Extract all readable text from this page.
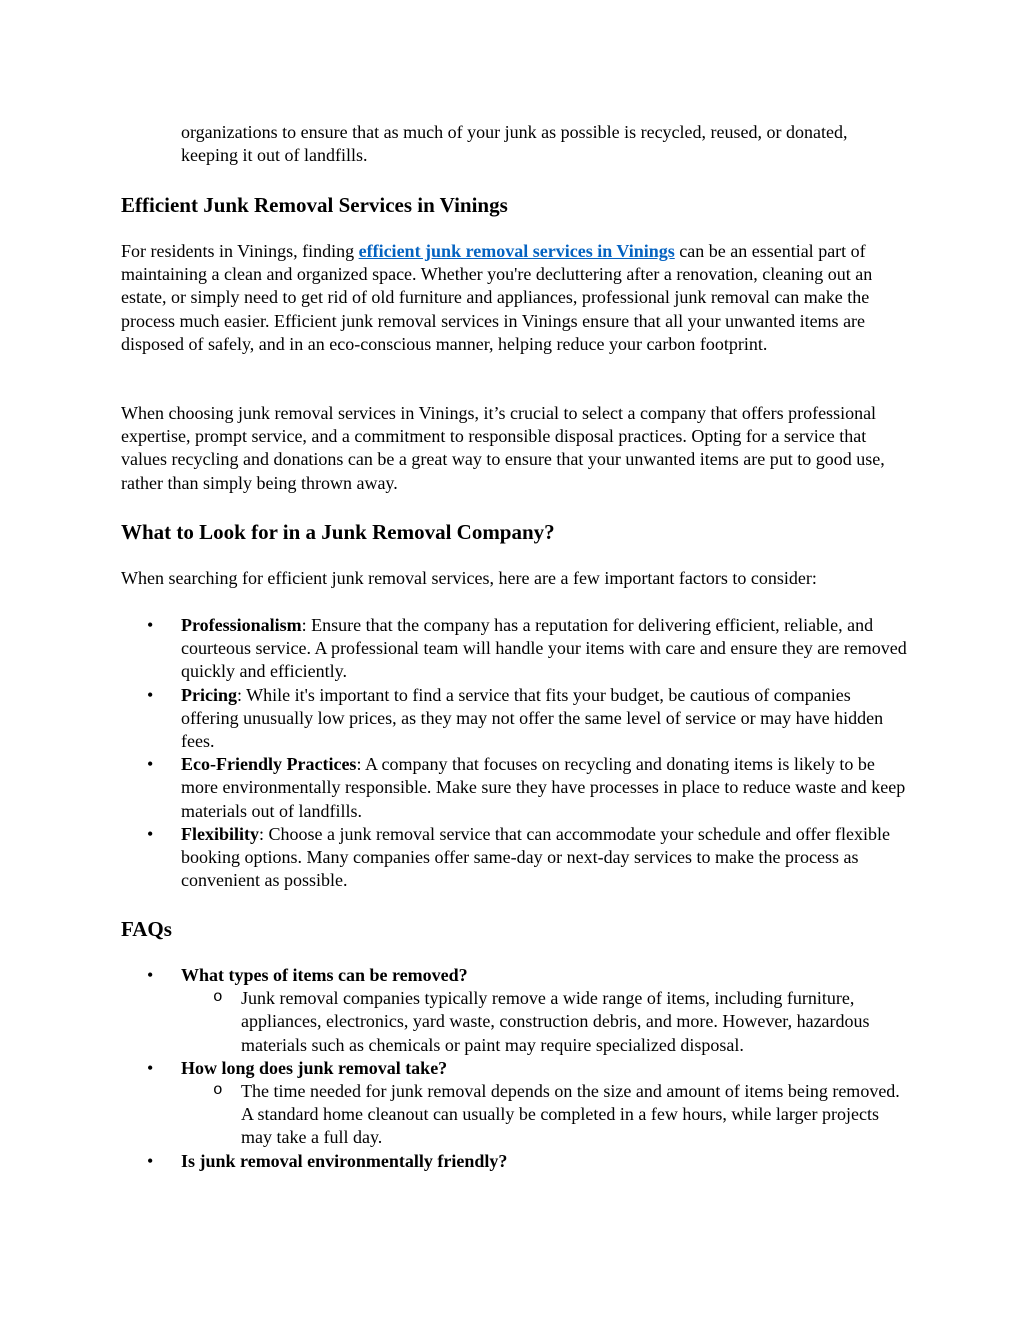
organizations to ensure that as much of your junk as possible is recycled, reused, or donated, keeping it out of landfills.

Efficient Junk Removal Services in Vinings

For residents in Vinings, finding efficient junk removal services in Vinings can be an essential part of maintaining a clean and organized space. Whether you're decluttering after a renovation, cleaning out an estate, or simply need to get rid of old furniture and appliances, professional junk removal can make the process much easier. Efficient junk removal services in Vinings ensure that all your unwanted items are disposed of safely, and in an eco-conscious manner, helping reduce your carbon footprint.

When choosing junk removal services in Vinings, it’s crucial to select a company that offers professional expertise, prompt service, and a commitment to responsible disposal practices. Opting for a service that values recycling and donations can be a great way to ensure that your unwanted items are put to good use, rather than simply being thrown away.

What to Look for in a Junk Removal Company?

When searching for efficient junk removal services, here are a few important factors to consider:

• Professionalism: Ensure that the company has a reputation for delivering efficient, reliable, and courteous service. A professional team will handle your items with care and ensure they are removed quickly and efficiently.
• Pricing: While it's important to find a service that fits your budget, be cautious of companies offering unusually low prices, as they may not offer the same level of service or may have hidden fees.
• Eco-Friendly Practices: A company that focuses on recycling and donating items is likely to be more environmentally responsible. Make sure they have processes in place to reduce waste and keep materials out of landfills.
• Flexibility: Choose a junk removal service that can accommodate your schedule and offer flexible booking options. Many companies offer same-day or next-day services to make the process as convenient as possible.
FAQs
• What types of items can be removed?
o Junk removal companies typically remove a wide range of items, including furniture, appliances, electronics, yard waste, construction debris, and more. However, hazardous materials such as chemicals or paint may require specialized disposal.
• How long does junk removal take?
o The time needed for junk removal depends on the size and amount of items being removed. A standard home cleanout can usually be completed in a few hours, while larger projects may take a full day.
• Is junk removal environmentally friendly?
